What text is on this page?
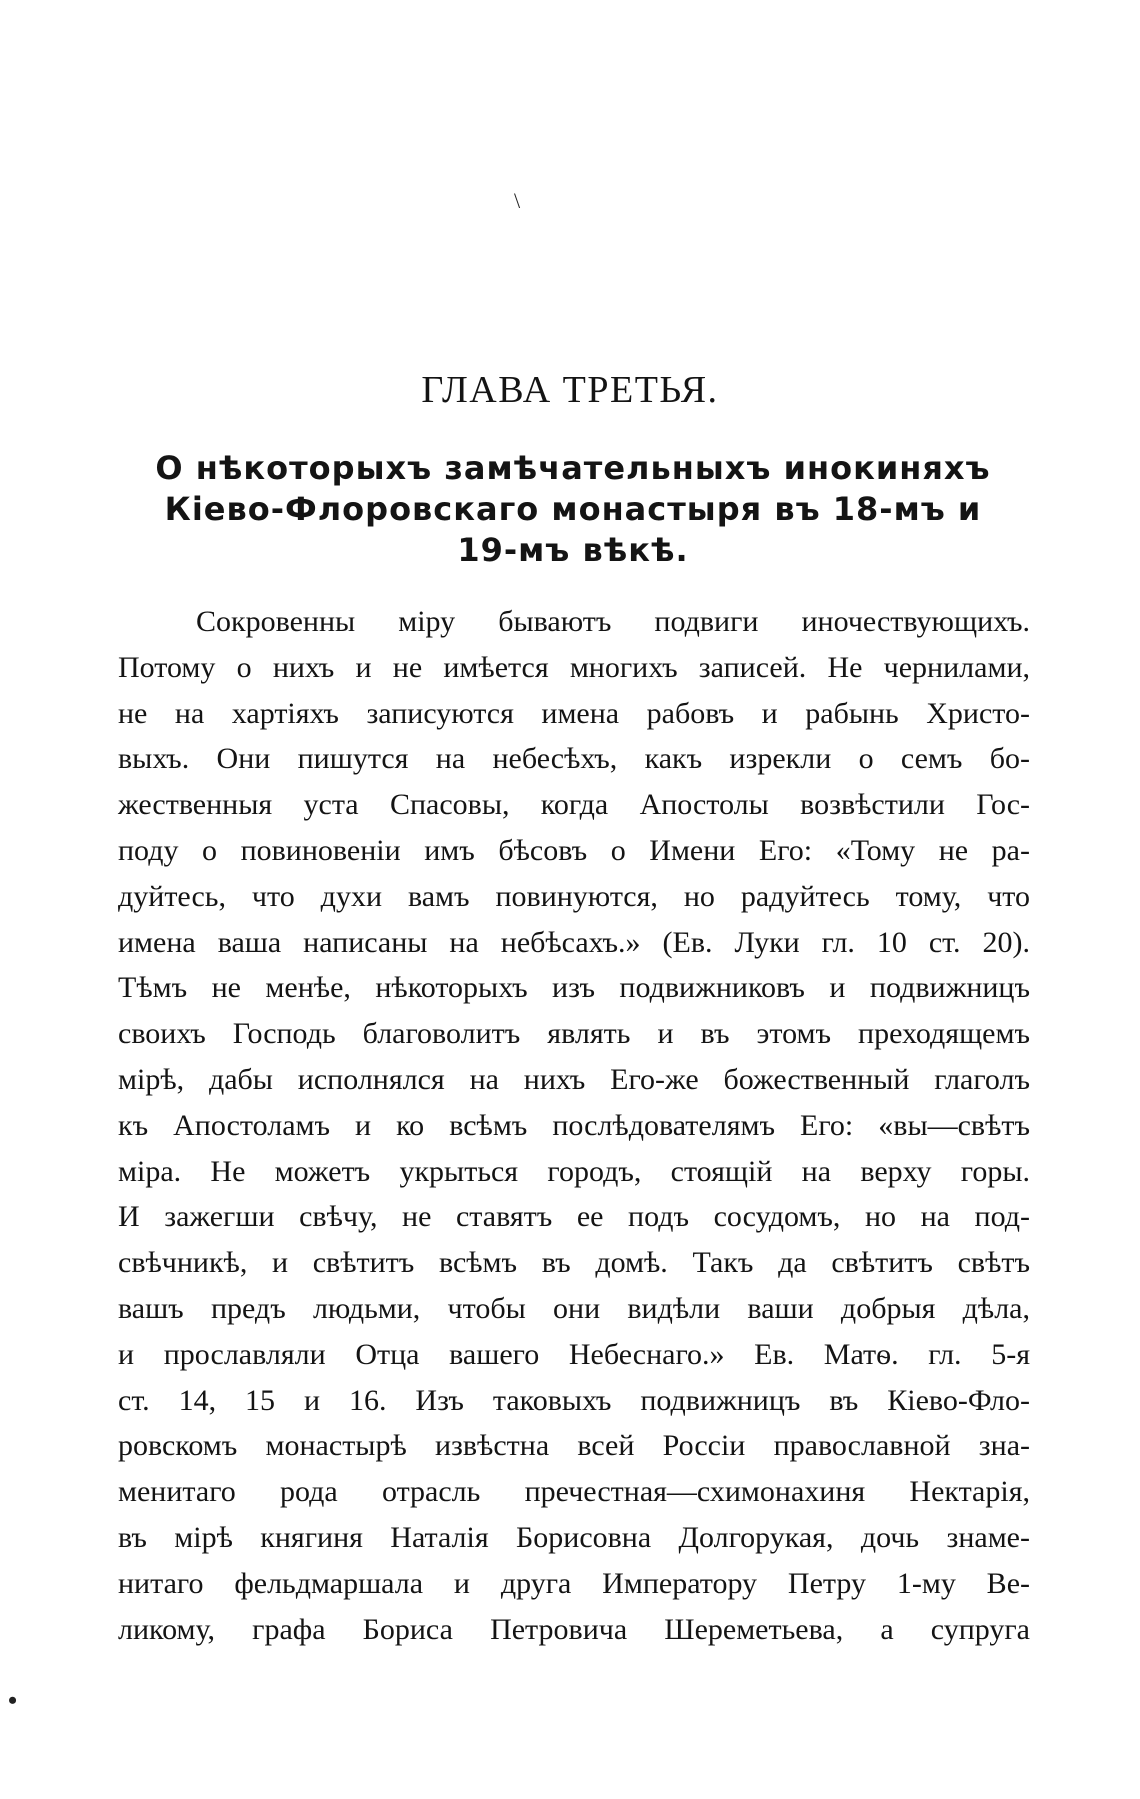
\
ГЛАВА ТРЕТЬЯ.
О нѣкоторыхъ замѣчательныхъ инокиняхъ
Кіево-Флоровскаго монастыря въ 18-мъ и
19-мъ вѣкѣ.
Сокровенны міру бываютъ подвиги иночествующихъ.
Потому о нихъ и не имѣется многихъ записей. Не чернилами,
не на хартіяхъ записуются имена рабовъ и рабынь Христо-
выхъ. Они пишутся на небесѣхъ, какъ изрекли о семъ бо-
жественныя уста Спасовы, когда Апостолы возвѣстили Гос-
поду о повиновеніи имъ бѣсовъ о Имени Его: «Тому не ра-
дуйтесь, что духи вамъ повинуются, но радуйтесь тому, что
имена ваша написаны на небѣсахъ.» (Ев. Луки гл. 10 ст. 20).
Тѣмъ не менѣе, нѣкоторыхъ изъ подвижниковъ и подвижницъ
своихъ Господь благоволитъ являть и въ этомъ преходящемъ
мірѣ, дабы исполнялся на нихъ Его-же божественный глаголъ
къ Апостоламъ и ко всѣмъ послѣдователямъ Его: «вы—свѣтъ
міра. Не можетъ укрыться городъ, стоящій на верху горы.
И зажегши свѣчу, не ставятъ ее подъ сосудомъ, но на под-
свѣчникѣ, и свѣтитъ всѣмъ въ домѣ. Такъ да свѣтитъ свѣтъ
вашъ предъ людьми, чтобы они видѣли ваши добрыя дѣла,
и прославляли Отца вашего Небеснаго.» Ев. Матѳ. гл. 5-я
ст. 14, 15 и 16. Изъ таковыхъ подвижницъ въ Кіево-Фло-
ровскомъ монастырѣ извѣстна всей Россіи православной зна-
менитаго рода отрасль пречестная—схимонахиня Нектарія,
въ мірѣ княгиня Наталія Борисовна Долгорукая, дочь знаме-
нитаго фельдмаршала и друга Императору Петру 1-му Ве-
ликому, графа Бориса Петровича Шереметьева, а супруга
•
